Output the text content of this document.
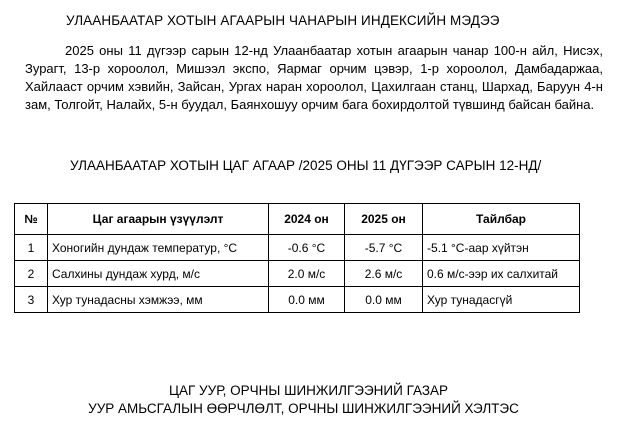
УЛААНБААТАР ХОТЫН АГААРЫН ЧАНАРЫН ИНДЕКСИЙН МЭДЭЭ
2025 оны 11 дүгээр сарын 12-нд Улаанбаатар хотын агаарын чанар 100-н айл, Нисэх, Зурагт, 13-р хороолол, Мишээл экспо, Яармаг орчим цэвэр, 1-р хороолол, Дамбадаржаа, Хайлааст орчим хэвийн, Зайсан, Ургах наран хороолол, Цахилгаан станц, Шархад, Баруун 4-н зам, Толгойт, Налайх, 5-н буудал, Баянхошуу орчим бага бохирдолтой түвшинд байсан байна.
УЛААНБААТАР ХОТЫН ЦАГ АГААР /2025 ОНЫ 11 ДҮГЭЭР САРЫН 12-НД/
№	Цаг агаарын үзүүлэлт	2024 он	2025 он	Тайлбар
1	Хоногийн дундаж температур, °C	-0.6 °C	-5.7 °C	-5.1 °C-аар хүйтэн
2	Салхины дундаж хурд, м/с	2.0 м/с	2.6 м/с	0.6 м/с-ээр их салхитай
3	Хур тунадасны хэмжээ, мм	0.0 мм	0.0 мм	Хур тунадасгүй
ЦАГ УУР, ОРЧНЫ ШИНЖИЛГЭЭНИЙ ГАЗАР
УУР АМЬСГАЛЫН ӨӨРЧЛӨЛТ, ОРЧНЫ ШИНЖИЛГЭЭНИЙ ХЭЛТЭС
